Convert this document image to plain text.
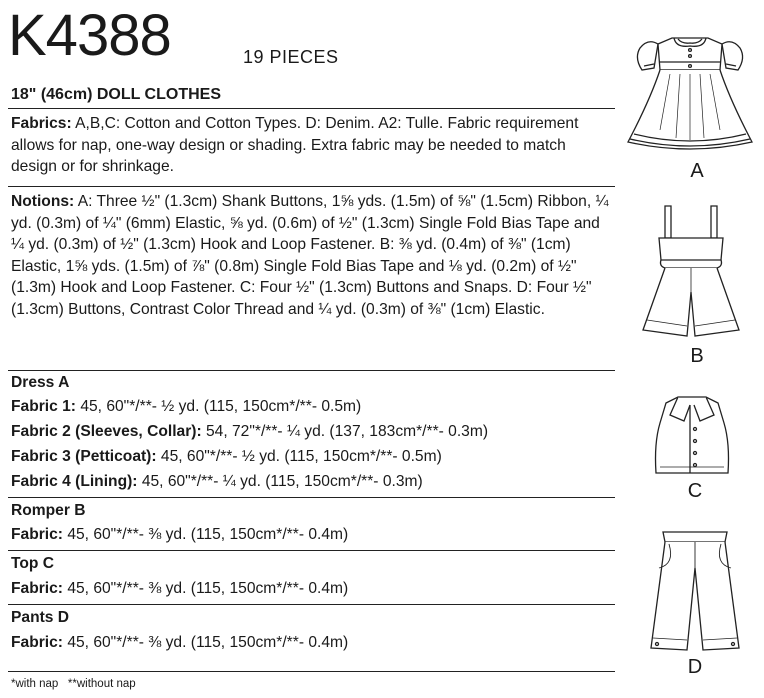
K4388	19 PIECES
18" (46cm) DOLL CLOTHES
Fabrics: A,B,C: Cotton and Cotton Types. D: Denim. A2: Tulle. Fabric requirement allows for nap, one-way design or shading. Extra fabric may be needed to match design or for shrinkage.
Notions: A: Three ½" (1.3cm) Shank Buttons, 1⅝ yds. (1.5m) of ⅝" (1.5cm) Ribbon, ¼ yd. (0.3m) of ¼" (6mm) Elastic, ⅝ yd. (0.6m) of ½" (1.3cm) Single Fold Bias Tape and ¼ yd. (0.3m) of ½" (1.3cm) Hook and Loop Fastener. B: ⅜ yd. (0.4m) of ⅜" (1cm) Elastic, 1⅝ yds. (1.5m) of ⅞" (0.8m) Single Fold Bias Tape and ⅛ yd. (0.2m) of ½" (1.3m) Hook and Loop Fastener. C: Four ½" (1.3cm) Buttons and Snaps. D: Four ½" (1.3cm) Buttons, Contrast Color Thread and ¼ yd. (0.3m) of ⅜" (1cm) Elastic.
Dress A
Fabric 1: 45, 60"*/**- ½ yd. (115, 150cm*/**- 0.5m)
Fabric 2 (Sleeves, Collar): 54, 72"*/**- ¼ yd. (137, 183cm*/**- 0.3m)
Fabric 3 (Petticoat): 45, 60"*/**- ½ yd. (115, 150cm*/**- 0.5m)
Fabric 4 (Lining): 45, 60"*/**- ¼ yd. (115, 150cm*/**- 0.3m)
Romper B
Fabric: 45, 60"*/**- ⅜ yd. (115, 150cm*/**- 0.4m)
Top C
Fabric: 45, 60"*/**- ⅜ yd. (115, 150cm*/**- 0.4m)
Pants D
Fabric: 45, 60"*/**- ⅜ yd. (115, 150cm*/**- 0.4m)
*with nap   **without nap
A
B
C
D
